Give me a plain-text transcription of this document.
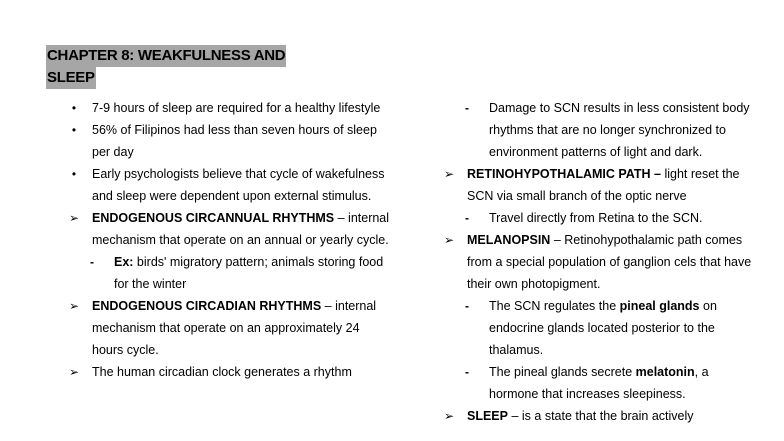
CHAPTER 8: WEAKFULNESS AND
SLEEP
•	7-9 hours of sleep are required for a healthy lifestyle
•	56% of Filipinos had less than seven hours of sleep per day
•	Early psychologists believe that cycle of wakefulness and sleep were dependent upon external stimulus.
➢	ENDOGENOUS CIRCANNUAL RHYTHMS – internal mechanism that operate on an annual or yearly cycle.
-	Ex: birds' migratory pattern; animals storing food for the winter
➢	ENDOGENOUS CIRCADIAN RHYTHMS – internal mechanism that operate on an approximately 24 hours cycle.
➢	The human circadian clock generates a rhythm
-	Damage to SCN results in less consistent body rhythms that are no longer synchronized to environment patterns of light and dark.
➢	RETINOHYPOTHALAMIC PATH – light reset the SCN via small branch of the optic nerve
-	Travel directly from Retina to the SCN.
➢	MELANOPSIN – Retinohypothalamic path comes from a special population of ganglion cels that have their own photopigment.
-	The SCN regulates the pineal glands on endocrine glands located posterior to the thalamus.
-	The pineal glands secrete melatonin, a hormone that increases sleepiness.
➢	SLEEP – is a state that the brain actively
